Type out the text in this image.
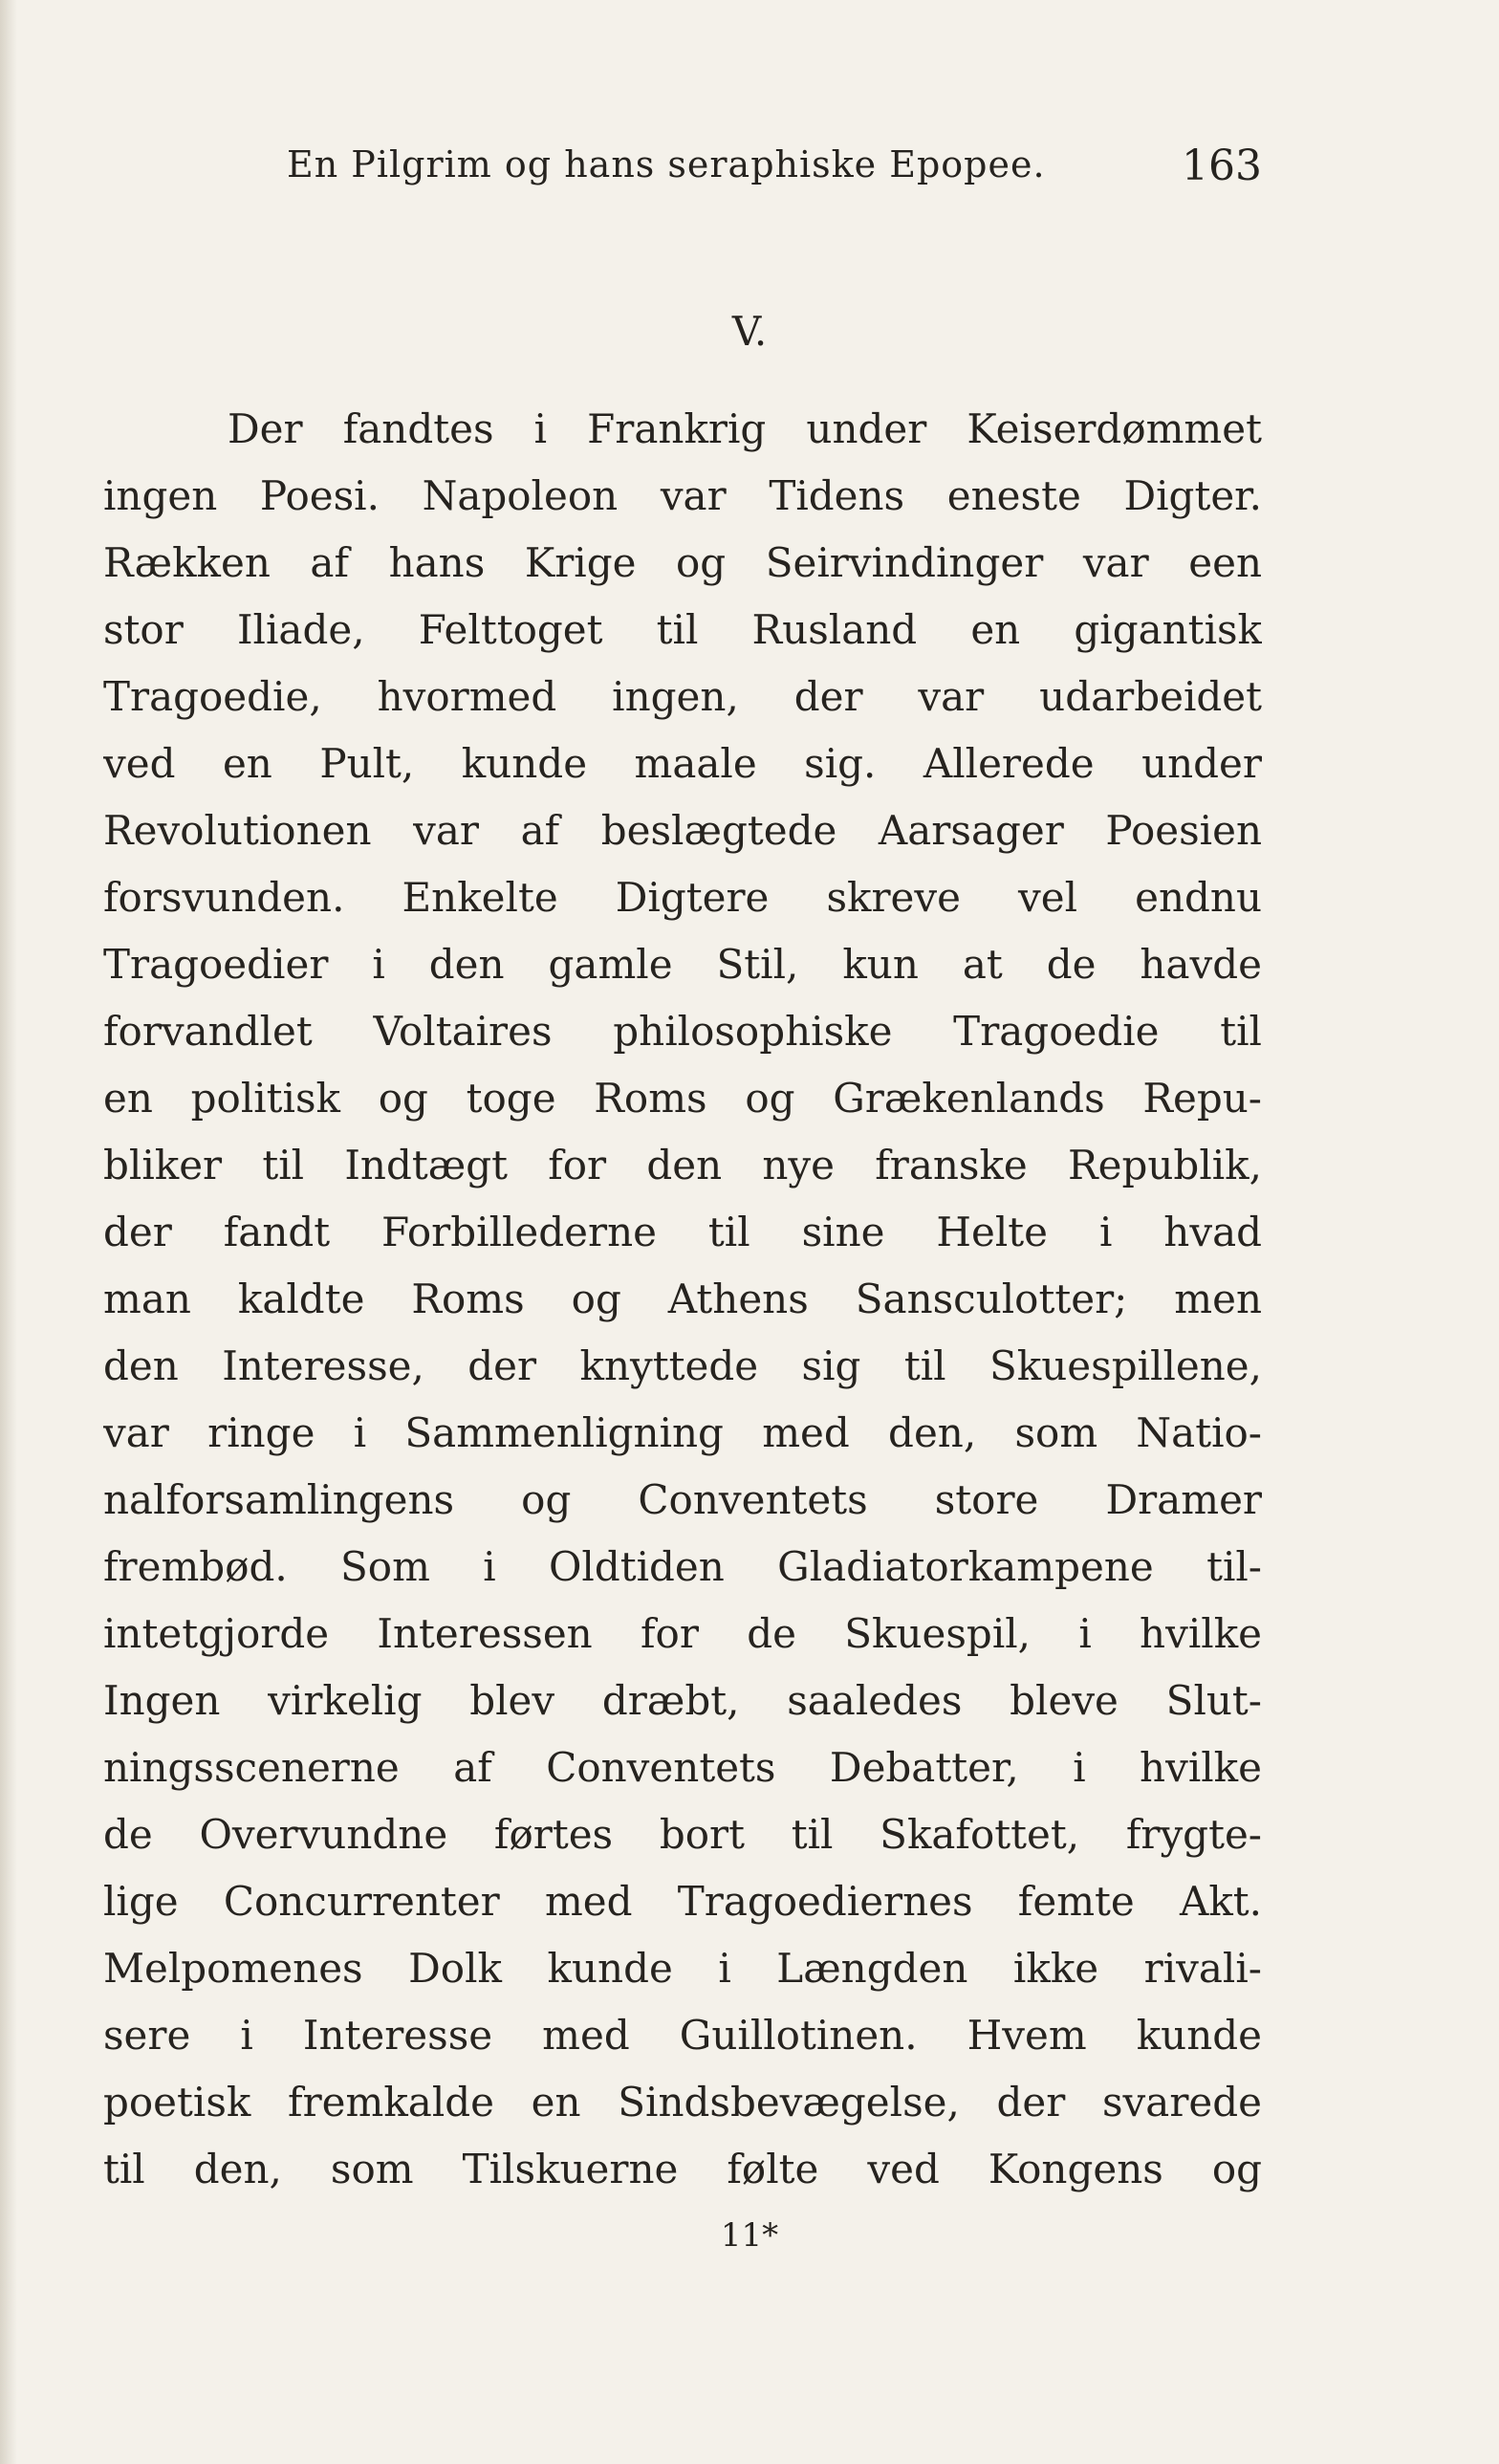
En Pilgrim og hans seraphiske Epopee.	163
V.

Der fandtes i Frankrig under Keiserdømmet
ingen Poesi. Napoleon var Tidens eneste Digter.
Rækken af hans Krige og Seirvindinger var een
stor Iliade, Felttoget til Rusland en gigantisk
Tragoedie, hvormed ingen, der var udarbeidet
ved en Pult, kunde maale sig. Allerede under
Revolutionen var af beslægtede Aarsager Poesien
forsvunden. Enkelte Digtere skreve vel endnu
Tragoedier i den gamle Stil, kun at de havde
forvandlet Voltaires philosophiske Tragoedie til
en politisk og toge Roms og Grækenlands Repu-
bliker til Indtægt for den nye franske Republik,
der fandt Forbillederne til sine Helte i hvad
man kaldte Roms og Athens Sansculotter; men
den Interesse, der knyttede sig til Skuespillene,
var ringe i Sammenligning med den, som Natio-
nalforsamlingens og Conventets store Dramer
frembød. Som i Oldtiden Gladiatorkampene til-
intetgjorde Interessen for de Skuespil, i hvilke
Ingen virkelig blev dræbt, saaledes bleve Slut-
ningsscenerne af Conventets Debatter, i hvilke
de Overvundne førtes bort til Skafottet, frygte-
lige Concurrenter med Tragoediernes femte Akt.
Melpomenes Dolk kunde i Længden ikke rivali-
sere i Interesse med Guillotinen. Hvem kunde
poetisk fremkalde en Sindsbevægelse, der svarede
til den, som Tilskuerne følte ved Kongens og

11*
